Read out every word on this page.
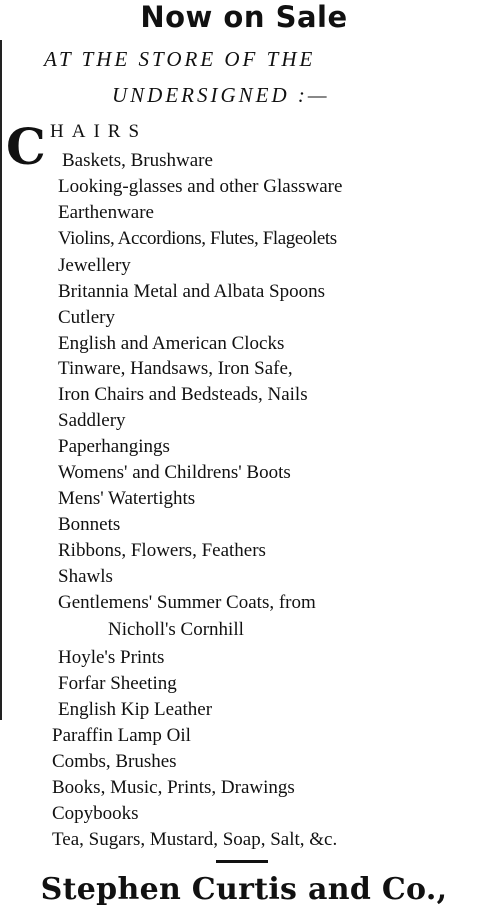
Now on Sale
AT THE STORE OF THE
UNDERSIGNED :—
C HAIRS
Baskets, Brushware
Looking-glasses and other Glassware
Earthenware
Violins, Accordions, Flutes, Flageolets
Jewellery
Britannia Metal and Albata Spoons
Cutlery
English and American Clocks
Tinware, Handsaws, Iron Safe,
Iron Chairs and Bedsteads, Nails
Saddlery
Paperhangings
Womens' and Childrens' Boots
Mens' Watertights
Bonnets
Ribbons, Flowers, Feathers
Shawls
Gentlemens' Summer Coats, from
Nicholl's Cornhill
Hoyle's Prints
Forfar Sheeting
English Kip Leather
Paraffin Lamp Oil
Combs, Brushes
Books, Music, Prints, Drawings
Copybooks
Tea, Sugars, Mustard, Soap, Salt, &c.
Stephen Curtis and Co.,
